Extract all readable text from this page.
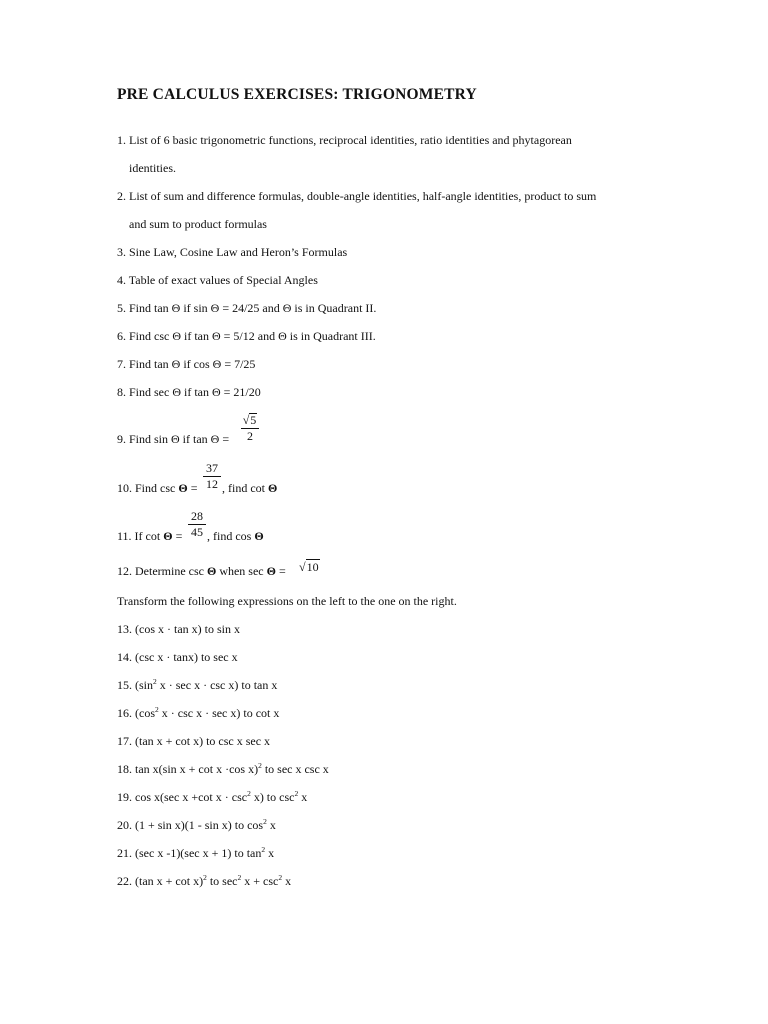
PRE CALCULUS EXERCISES: TRIGONOMETRY
1. List of 6 basic trigonometric functions, reciprocal identities, ratio identities and phytagorean
identities.
2. List of sum and difference formulas, double-angle identities, half-angle identities, product to sum
and sum to product formulas
3. Sine Law, Cosine Law and Heron’s Formulas
4. Table of exact values of Special Angles
5. Find tan Θ if sin Θ = 24/25 and Θ is in Quadrant II.
6. Find csc Θ if tan Θ = 5/12 and Θ is in Quadrant III.
7. Find tan Θ if cos Θ = 7/25
8. Find sec Θ if tan Θ = 21/20
9. Find sin Θ if $\tan \Theta = \frac{√5}{2}$
10. Find $\csc \Theta = \frac{37}{12}$ , find cot Θ
11. If $\cot \Theta = \frac{28}{45}$ , find cos Θ
12. Determine csc Θ when sec Θ = √10
Transform the following expressions on the left to the one on the right.
13. (cos x · tan x) to sin x
14. (csc x · tanx) to sec x
15. ($\sin^2$ x · sec x · csc x) to tan x
16. ($\cos^2$ x · csc x · sec x) to cot x
17. (tan x + cot x) to csc x sec x
18. tan x(sin x + cot x ·cos x)$^2$ to sec x csc x
19. cos x(sec x +cot $x \cdot \csc^2 x$) to $\csc^2 x$
20. (1 + sin x)(1 - sin x) to $\cos^2 x$
21. (sec x -1)(sec x + 1) to $\tan^2 x$
22. (tan x + cot x)$^2$ to $\sec^2 x + \csc^2 x$
